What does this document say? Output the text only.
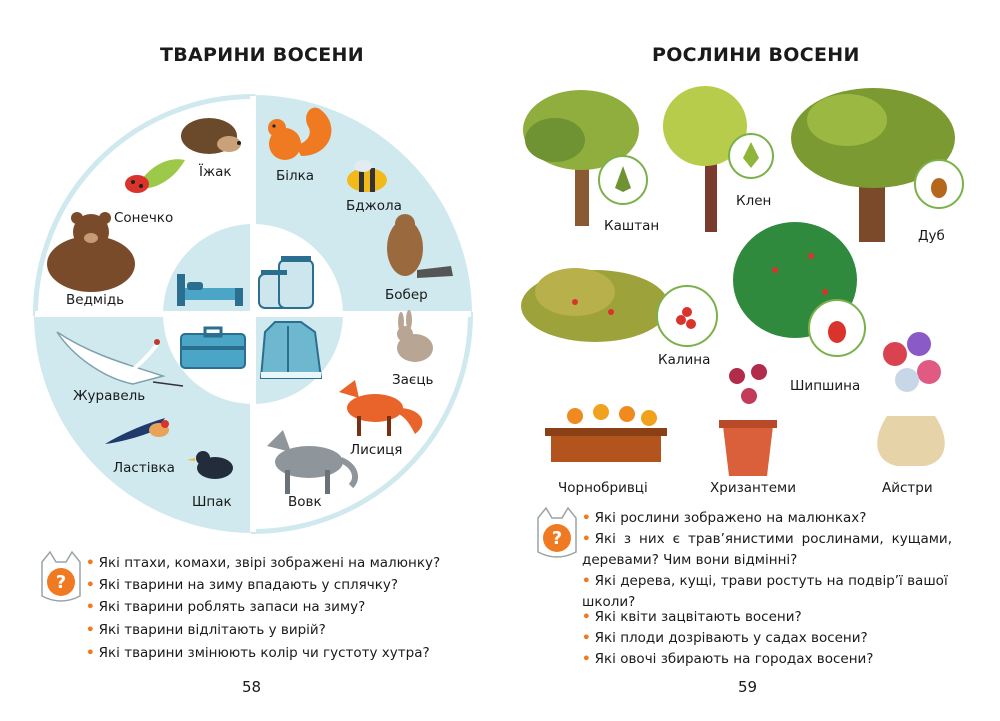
ТВАРИНИ ВОСЕНИ
Їжак	Білка
Сонечко
Бджола
Ведмідь	Бобер
Журавель
Заєць
Лисиця
Ластівка
Шпак	Вовк
?
• Які птахи, комахи, звірі зображені на малюнку?
• Які тварини на зиму впадають у сплячку?
• Які тварини роблять запаси на зиму?
• Які тварини відлітають у вирій?
• Які тварини змінюють колір чи густоту хутра?
58
РОСЛИНИ ВОСЕНИ
Каштан
Клен
Дуб
Калина
Шипшина
Чорнобривці	Хризантеми	Айстри
?
• Які рослини зображено на малюнках?
• Які з них є трав’янистими рослинами, кущами, деревами? Чим вони відмінні?
• Які дерева, кущі, трави ростуть на подвір’ї вашої школи?
• Які квіти зацвітають восени?
• Які плоди дозрівають у садах восени?
• Які овочі збирають на городах восени?
59
